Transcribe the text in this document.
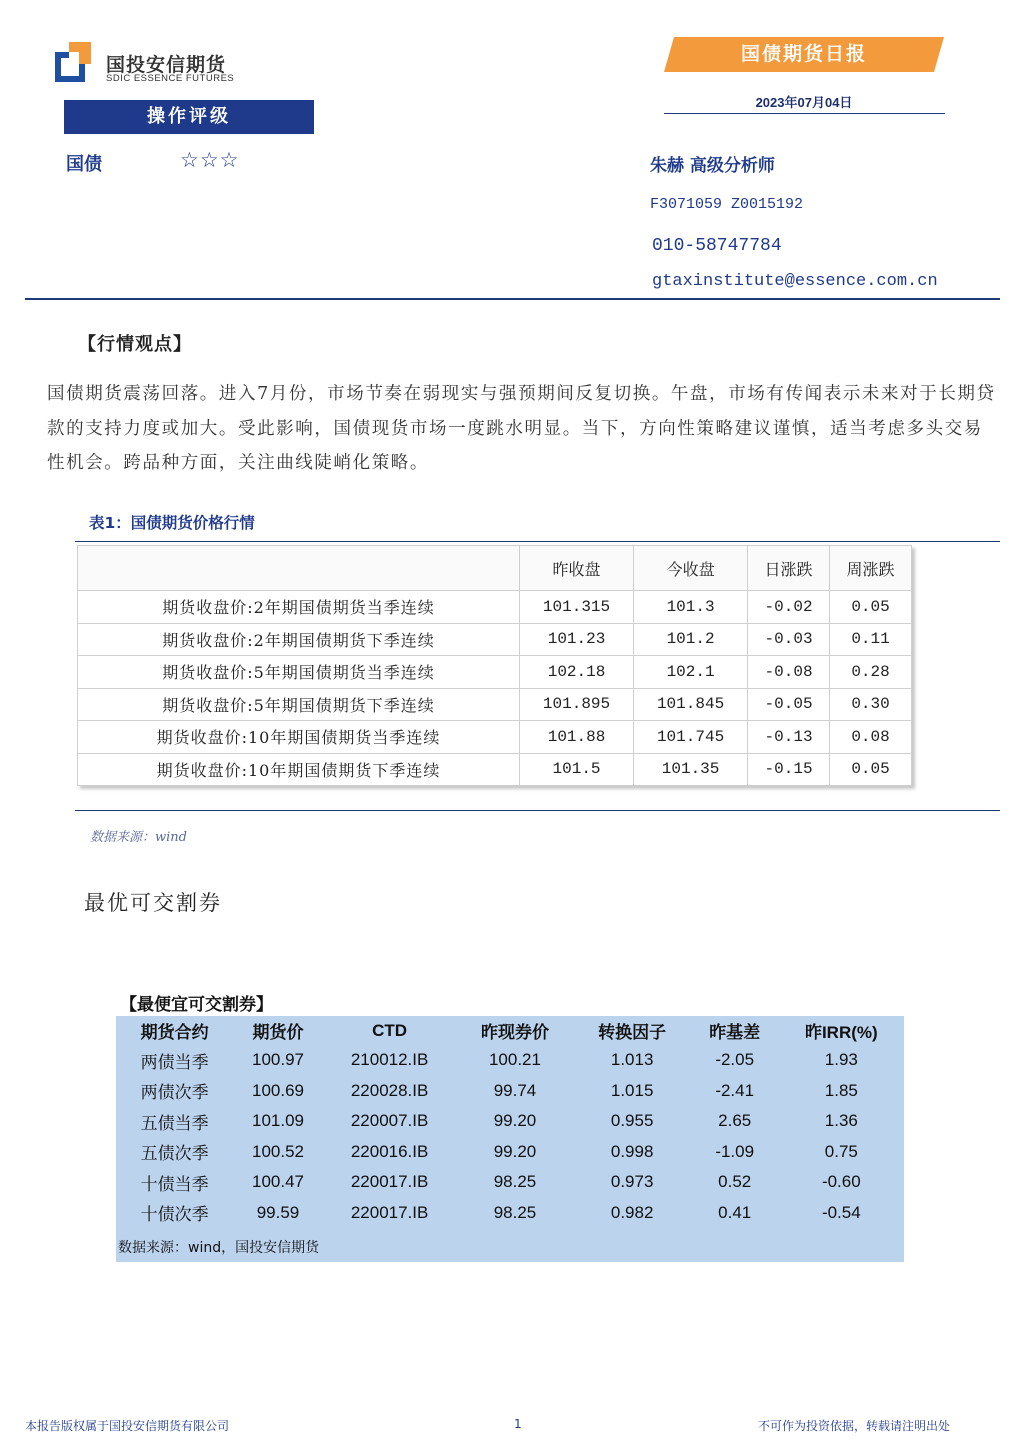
国投安信期货
SDIC ESSENCE FUTURES
国债期货日报
2023年07月04日
操作评级
国债	☆☆☆	朱赫 高级分析师
F3071059 Z0015192
010-58747784
gtaxinstitute@essence.com.cn
【行情观点】
国债期货震荡回落。进入7月份，市场节奏在弱现实与强预期间反复切换。午盘，市场有传闻表示未来对于长期贷款的支持力度或加大。受此影响，国债现货市场一度跳水明显。当下，方向性策略建议谨慎，适当考虑多头交易性机会。跨品种方面，关注曲线陡峭化策略。
表1：国债期货价格行情
	昨收盘	今收盘	日涨跌	周涨跌
期货收盘价:2年期国债期货当季连续	101.315	101.3	-0.02	0.05
期货收盘价:2年期国债期货下季连续	101.23	101.2	-0.03	0.11
期货收盘价:5年期国债期货当季连续	102.18	102.1	-0.08	0.28
期货收盘价:5年期国债期货下季连续	101.895	101.845	-0.05	0.30
期货收盘价:10年期国债期货当季连续	101.88	101.745	-0.13	0.08
期货收盘价:10年期国债期货下季连续	101.5	101.35	-0.15	0.05
数据来源：wind
最优可交割券
【最便宜可交割券】
期货合约	期货价	CTD	昨现券价	转换因子	昨基差	昨IRR(%)
两债当季	100.97	210012.IB	100.21	1.013	-2.05	1.93
两债次季	100.69	220028.IB	99.74	1.015	-2.41	1.85
五债当季	101.09	220007.IB	99.20	0.955	2.65	1.36
五债次季	100.52	220016.IB	99.20	0.998	-1.09	0.75
十债当季	100.47	220017.IB	98.25	0.973	0.52	-0.60
十债次季	99.59	220017.IB	98.25	0.982	0.41	-0.54
数据来源：wind，国投安信期货
本报告版权属于国投安信期货有限公司	1	不可作为投资依据，转载请注明出处
